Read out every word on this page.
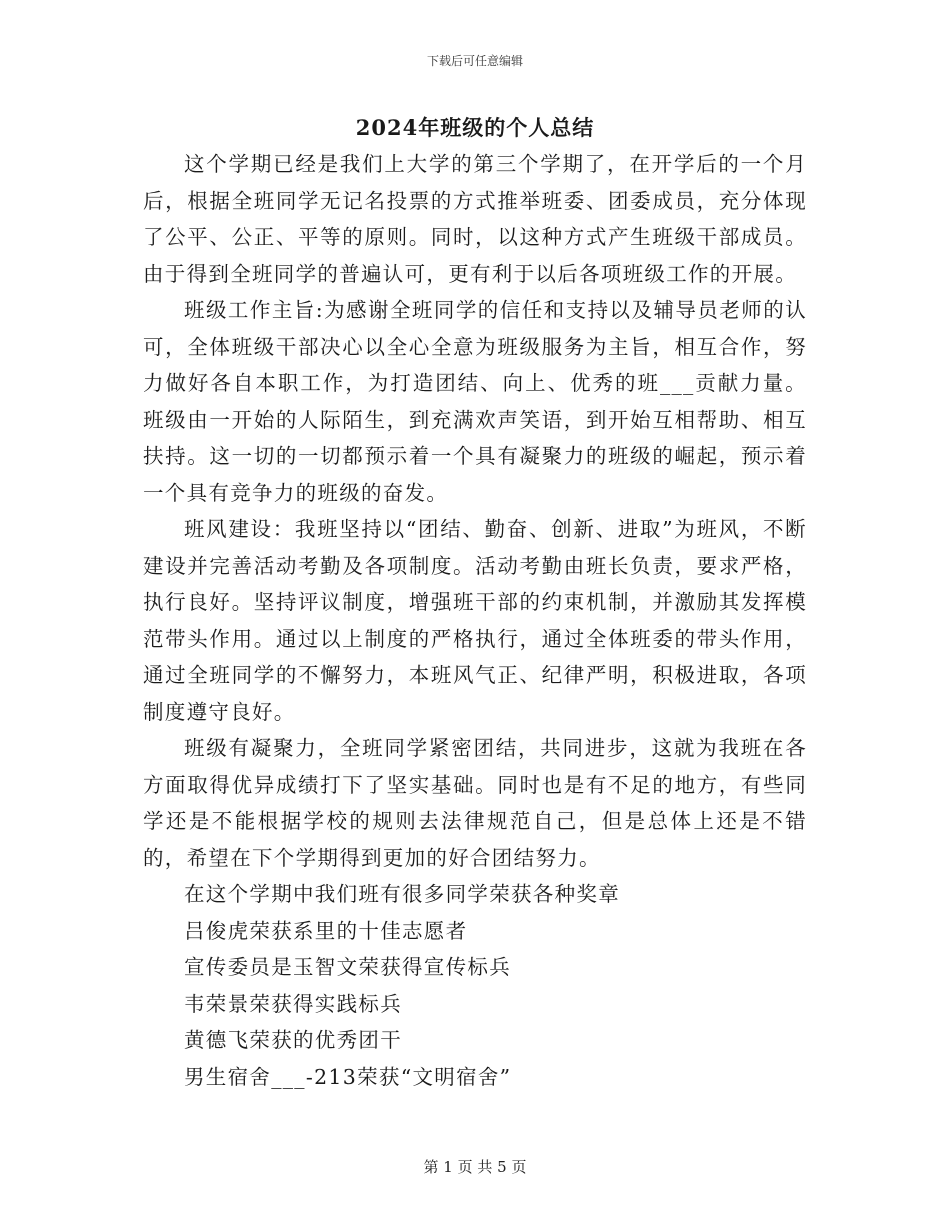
下载后可任意编辑
2024年班级的个人总结

这个学期已经是我们上大学的第三个学期了，在开学后的一个月后，根据全班同学无记名投票的方式推举班委、团委成员，充分体现了公平、公正、平等的原则。同时，以这种方式产生班级干部成员。由于得到全班同学的普遍认可，更有利于以后各项班级工作的开展。

班级工作主旨:为感谢全班同学的信任和支持以及辅导员老师的认可，全体班级干部决心以全心全意为班级服务为主旨，相互合作，努力做好各自本职工作，为打造团结、向上、优秀的班___贡献力量。班级由一开始的人际陌生，到充满欢声笑语，到开始互相帮助、相互扶持。这一切的一切都预示着一个具有凝聚力的班级的崛起，预示着一个具有竞争力的班级的奋发。

班风建设：我班坚持以“团结、勤奋、创新、进取”为班风，不断建设并完善活动考勤及各项制度。活动考勤由班长负责，要求严格，执行良好。坚持评议制度，增强班干部的约束机制，并激励其发挥模范带头作用。通过以上制度的严格执行，通过全体班委的带头作用，通过全班同学的不懈努力，本班风气正、纪律严明，积极进取，各项制度遵守良好。

班级有凝聚力，全班同学紧密团结，共同进步，这就为我班在各方面取得优异成绩打下了坚实基础。同时也是有不足的地方，有些同学还是不能根据学校的规则去法律规范自己，但是总体上还是不错的，希望在下个学期得到更加的好合团结努力。

在这个学期中我们班有很多同学荣获各种奖章

吕俊虎荣获系里的十佳志愿者

宣传委员是玉智文荣获得宣传标兵

韦荣景荣获得实践标兵

黄德飞荣获的优秀团干

男生宿舍___-213荣获“文明宿舍”

第 1 页 共 5 页
